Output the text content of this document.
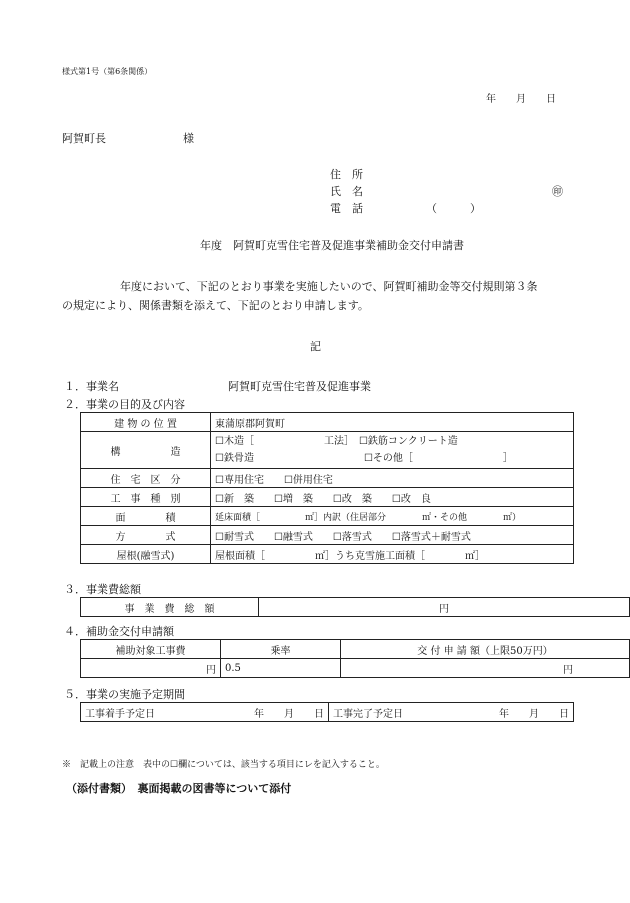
様式第1号（第6条関係）
年　　月　　日
阿賀町長　　　　　　　様
住　所
氏　名	㊞
電　話	（　　　）
年度　阿賀町克雪住宅普及促進事業補助金交付申請書
年度において、下記のとおり事業を実施したいので、阿賀町補助金等交付規則第３条
の規定により、関係書類を添えて、下記のとおり申請します。
記
１．事業名	阿賀町克雪住宅普及促進事業
２．事業の目的及び内容
建 物 の 位 置	東蒲原郡阿賀町
構　　　　　造	☐木造［　　　　　　　工法］　☐鉄筋コンクリート造
☐鉄骨造　　　　　　　　　　　☐その他［　　　　　　　　　］

住　宅　区　分	☐専用住宅　　☐併用住宅
工　事　種　別	☐新　築　　☐増　築　　☐改　築　　☐改　良
面　　　　積	延床面積［　　　　　㎡］内訳（住居部分　　　　㎡・その他　　　　㎡）
方　　　　式	☐耐雪式　　☐融雪式　　☐落雪式　　☐落雪式＋耐雪式
屋根(融雪式)	屋根面積［　　　　　㎡］うち克雪施工面積［　　　　㎡］
３．事業費総額
事　業　費　総　額	円
４．補助金交付申請額
補助対象工事費	乗率	交 付 申 請 額（上限50万円）
円	0.5	円
５．事業の実施予定期間
工事着手予定日	年　　月　　日	工事完了予定日	年　　月　　日
※　記載上の注意　表中の☐欄については、該当する項目にレを記入すること。
（添付書類）　裏面掲載の図書等について添付
